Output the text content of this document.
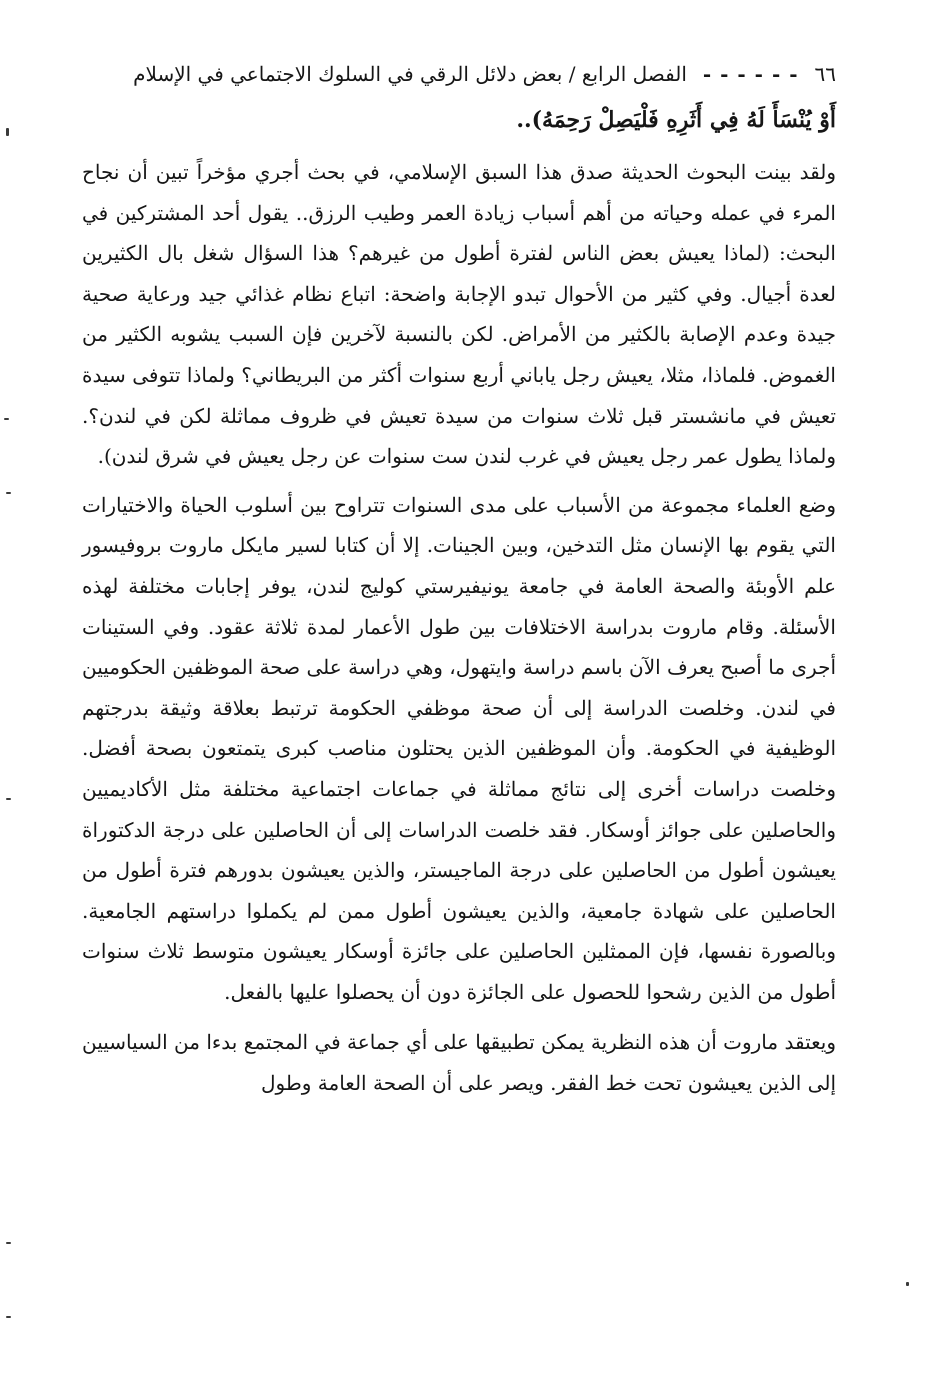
٦٦
- - - - - -
الفصل الرابع / بعض دلائل الرقي في السلوك الاجتماعي في الإسلام
أَوْ يُنْسَأَ لَهُ فِي أَثَرِهِ فَلْيَصِلْ رَحِمَهُ)..

ولقد بينت البحوث الحديثة صدق هذا السبق الإسلامي، في بحث أجري مؤخراً تبين أن نجاح المرء في عمله وحياته من أهم أسباب زيادة العمر وطيب الرزق.. يقول أحد المشتركين في البحث: (لماذا يعيش بعض الناس لفترة أطول من غيرهم؟ هذا السؤال شغل بال الكثيرين لعدة أجيال. وفي كثير من الأحوال تبدو الإجابة واضحة: اتباع نظام غذائي جيد ورعاية صحية جيدة وعدم الإصابة بالكثير من الأمراض. لكن بالنسبة لآخرين فإن السبب يشوبه الكثير من الغموض. فلماذا، مثلا، يعيش رجل ياباني أربع سنوات أكثر من البريطاني؟ ولماذا تتوفى سيدة تعيش في مانشستر قبل ثلاث سنوات من سيدة تعيش في ظروف مماثلة لكن في لندن؟. ولماذا يطول عمر رجل يعيش في غرب لندن ست سنوات عن رجل يعيش في شرق لندن).

وضع العلماء مجموعة من الأسباب على مدى السنوات تتراوح بين أسلوب الحياة والاختيارات التي يقوم بها الإنسان مثل التدخين، وبين الجينات. إلا أن كتابا لسير مايكل ماروت بروفيسور علم الأوبئة والصحة العامة في جامعة يونيفيرستي كوليج لندن، يوفر إجابات مختلفة لهذه الأسئلة. وقام ماروت بدراسة الاختلافات بين طول الأعمار لمدة ثلاثة عقود. وفي الستينات أجرى ما أصبح يعرف الآن باسم دراسة وايتهول، وهي دراسة على صحة الموظفين الحكوميين في لندن. وخلصت الدراسة إلى أن صحة موظفي الحكومة ترتبط بعلاقة وثيقة بدرجتهم الوظيفية في الحكومة. وأن الموظفين الذين يحتلون مناصب كبرى يتمتعون بصحة أفضل. وخلصت دراسات أخرى إلى نتائج مماثلة في جماعات اجتماعية مختلفة مثل الأكاديميين والحاصلين على جوائز أوسكار. فقد خلصت الدراسات إلى أن الحاصلين على درجة الدكتوراة يعيشون أطول من الحاصلين على درجة الماجيستر، والذين يعيشون بدورهم فترة أطول من الحاصلين على شهادة جامعية، والذين يعيشون أطول ممن لم يكملوا دراستهم الجامعية. وبالصورة نفسها، فإن الممثلين الحاصلين على جائزة أوسكار يعيشون متوسط ثلاث سنوات أطول من الذين رشحوا للحصول على الجائزة دون أن يحصلوا عليها بالفعل.

ويعتقد ماروت أن هذه النظرية يمكن تطبيقها على أي جماعة في المجتمع بدءا من السياسيين إلى الذين يعيشون تحت خط الفقر. ويصر على أن الصحة العامة وطول
